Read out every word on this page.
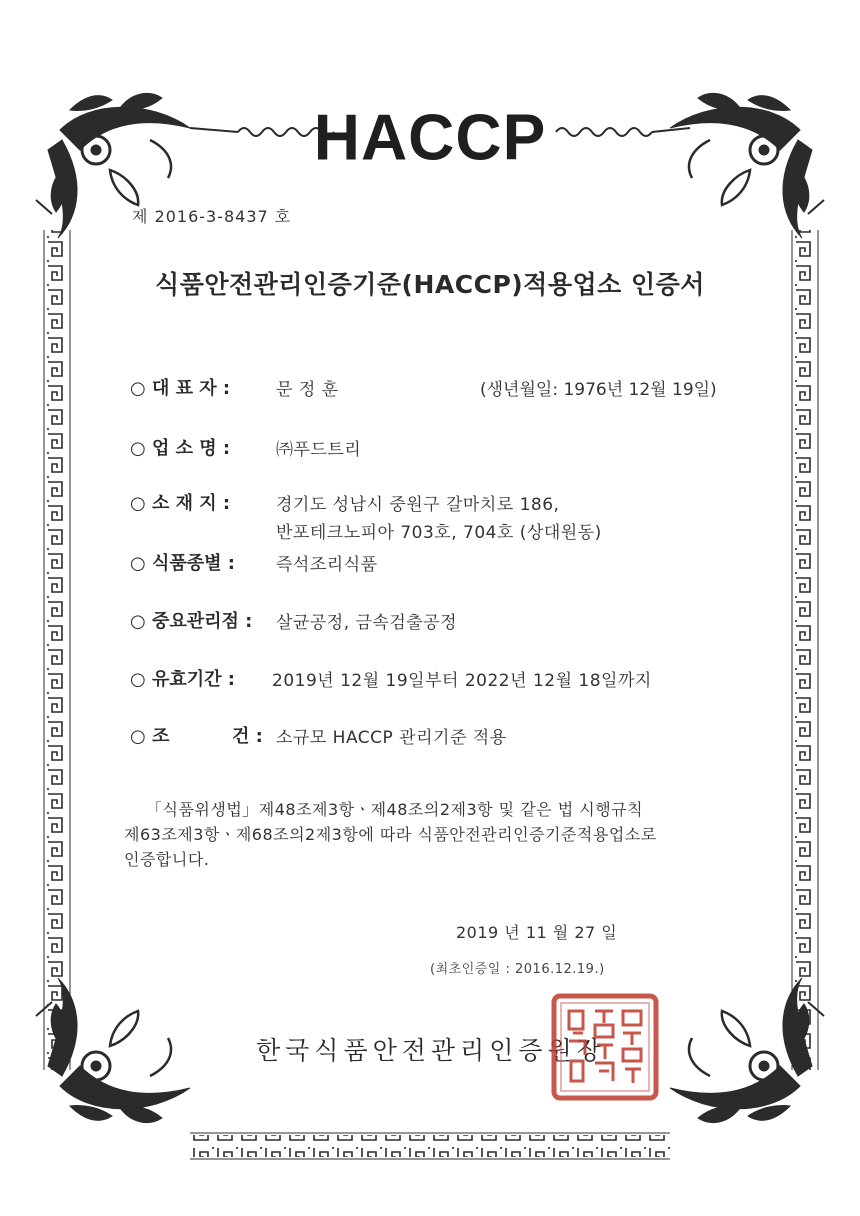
HACCP
제 2016-3-8437 호
식품안전관리인증기준(HACCP)적용업소 인증서
○ 대 표 자 :	문 정 훈	(생년월일: 1976년 12월 19일)
○ 업 소 명 :	㈜푸드트리
○ 소 재 지 :	경기도 성남시 중원구 갈마치로 186,
반포테크노피아 703호, 704호 (상대원동)
○ 식품종별 : 즉석조리식품
○ 중요관리점 : 살균공정, 금속검출공정
○ 유효기간 : 2019년 12월 19일부터 2022년 12월 18일까지
○ 조	건 : 소규모 HACCP 관리기준 적용
「식품위생법」제48조제3항ㆍ제48조의2제3항 및 같은 법 시행규칙
제63조제3항ㆍ제68조의2제3항에 따라 식품안전관리인증기준적용업소로
인증합니다.
2019 년 11 월 27 일
(최초인증일 : 2016.12.19.)
한국식품안전관리인증원장
